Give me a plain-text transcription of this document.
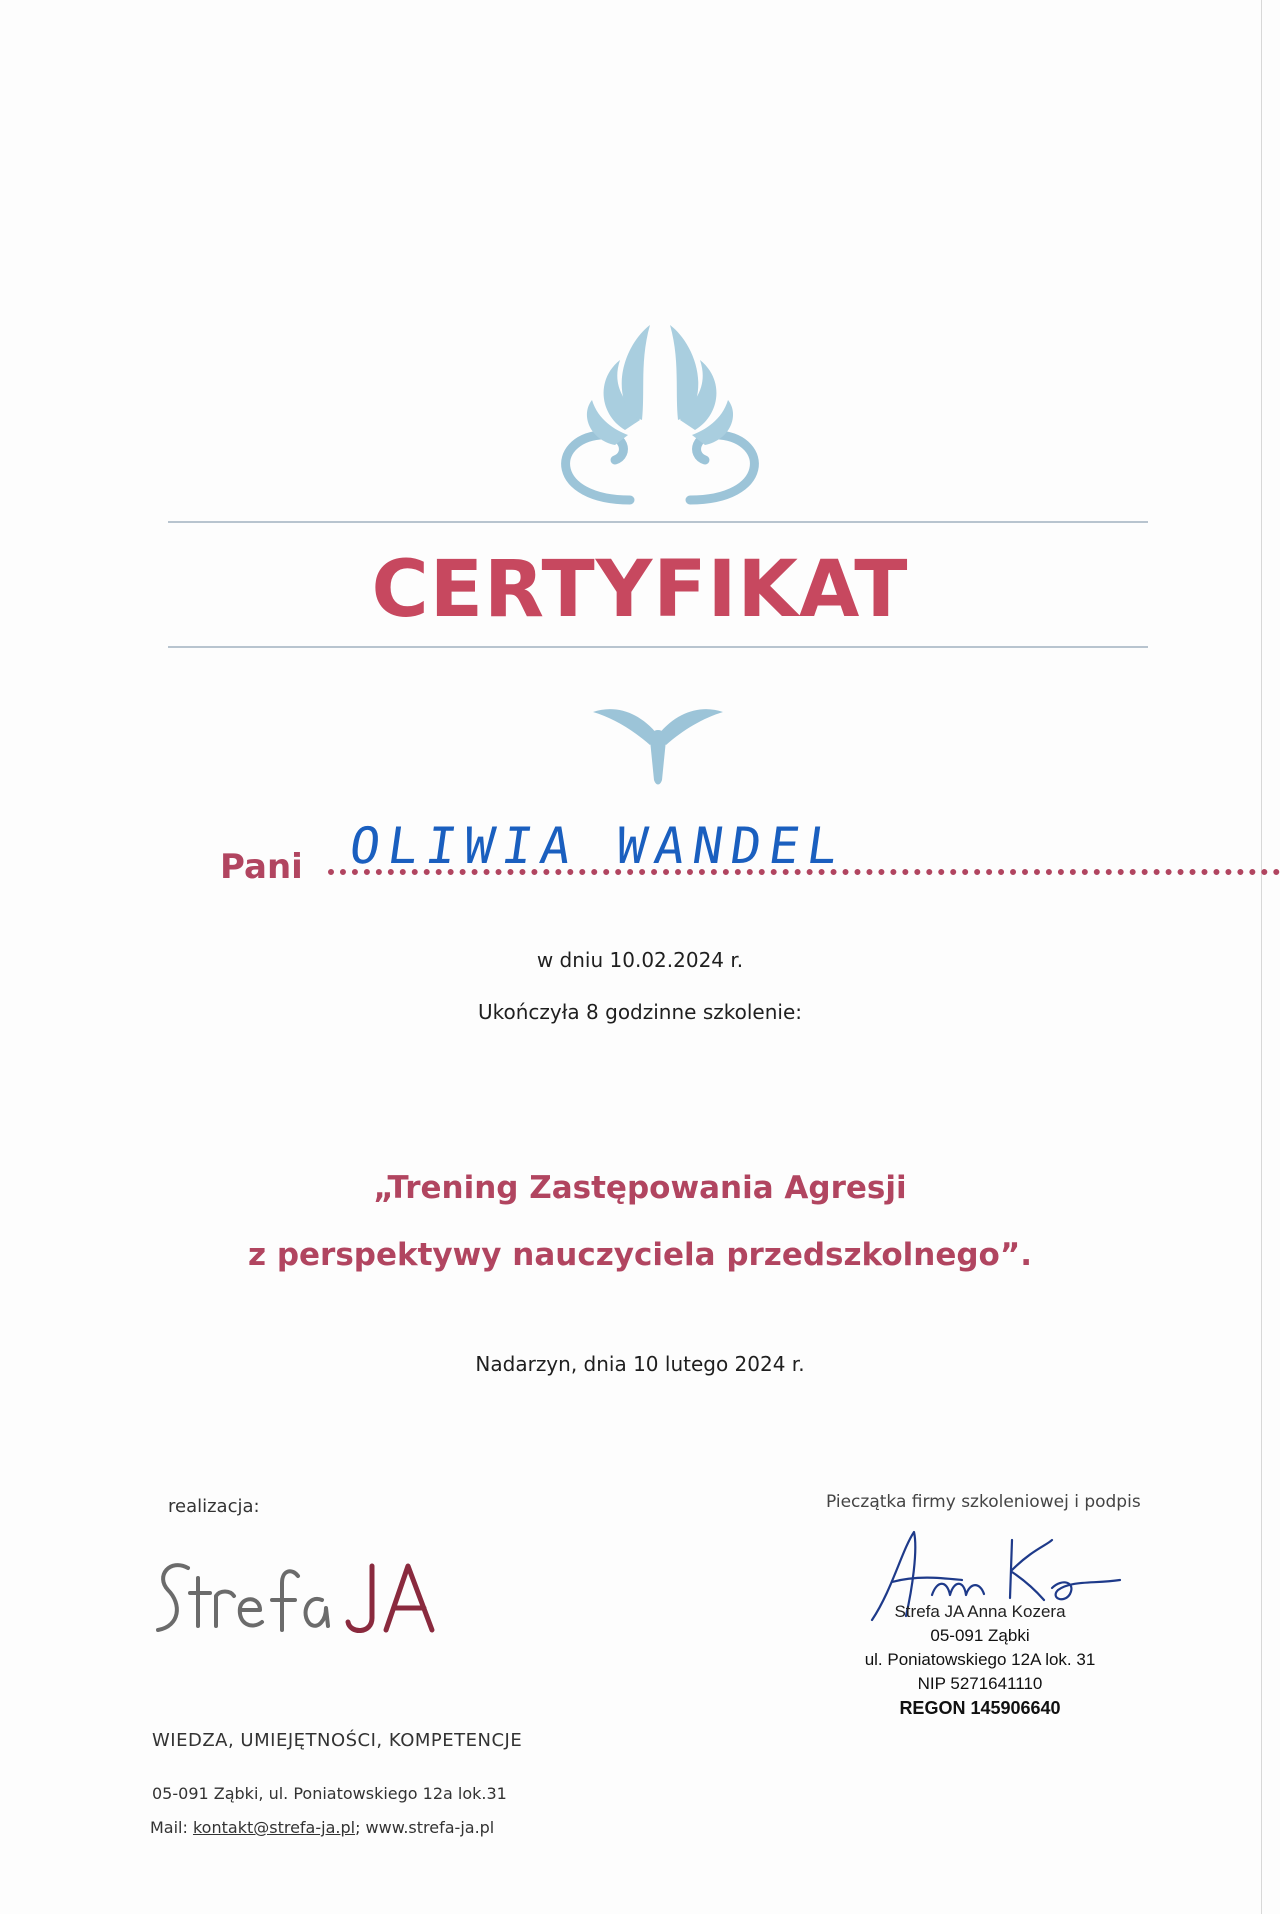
CERTYFIKAT
Pani OLIWIA WANDEL
w dniu 10.02.2024 r.
Ukończyła 8 godzinne szkolenie:
„Trening Zastępowania Agresji
z perspektywy nauczyciela przedszkolnego”.
Nadarzyn, dnia 10 lutego 2024 r.
realizacja:
WIEDZA, UMIEJĘTNOŚCI, KOMPETENCJE
05-091 Ząbki, ul. Poniatowskiego 12a lok.31
Mail: kontakt@strefa-ja.pl; www.strefa-ja.pl
Pieczątka firmy szkoleniowej i podpis
Strefa JA Anna Kozera
05-091 Ząbki
ul. Poniatowskiego 12A lok. 31
NIP 5271641110
REGON 145906640
